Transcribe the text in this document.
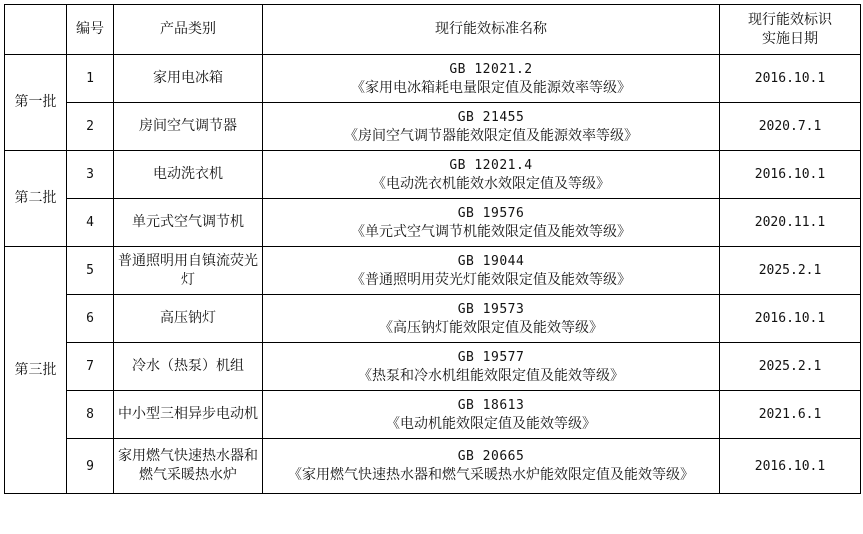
	编号	产品类别	现行能效标准名称	现行能效标识
实施日期
第一批	1	家用电冰箱	GB 12021.2
《家用电冰箱耗电量限定值及能源效率等级》	2016.10.1
	2	房间空气调节器	GB 21455
《房间空气调节器能效限定值及能源效率等级》	2020.7.1
第二批	3	电动洗衣机	GB 12021.4
《电动洗衣机能效水效限定值及等级》	2016.10.1
	4	单元式空气调节机	GB 19576
《单元式空气调节机能效限定值及能效等级》	2020.11.1
第三批	5	普通照明用自镇流荧光灯	GB 19044
《普通照明用荧光灯能效限定值及能效等级》	2025.2.1
	6	高压钠灯	GB 19573
《高压钠灯能效限定值及能效等级》	2016.10.1
	7	冷水（热泵）机组	GB 19577
《热泵和冷水机组能效限定值及能效等级》	2025.2.1
	8	中小型三相异步电动机	GB 18613
《电动机能效限定值及能效等级》	2021.6.1
	9	家用燃气快速热水器和燃气采暖热水炉	GB 20665
《家用燃气快速热水器和燃气采暖热水炉能效限定值及能效等级》	2016.10.1
